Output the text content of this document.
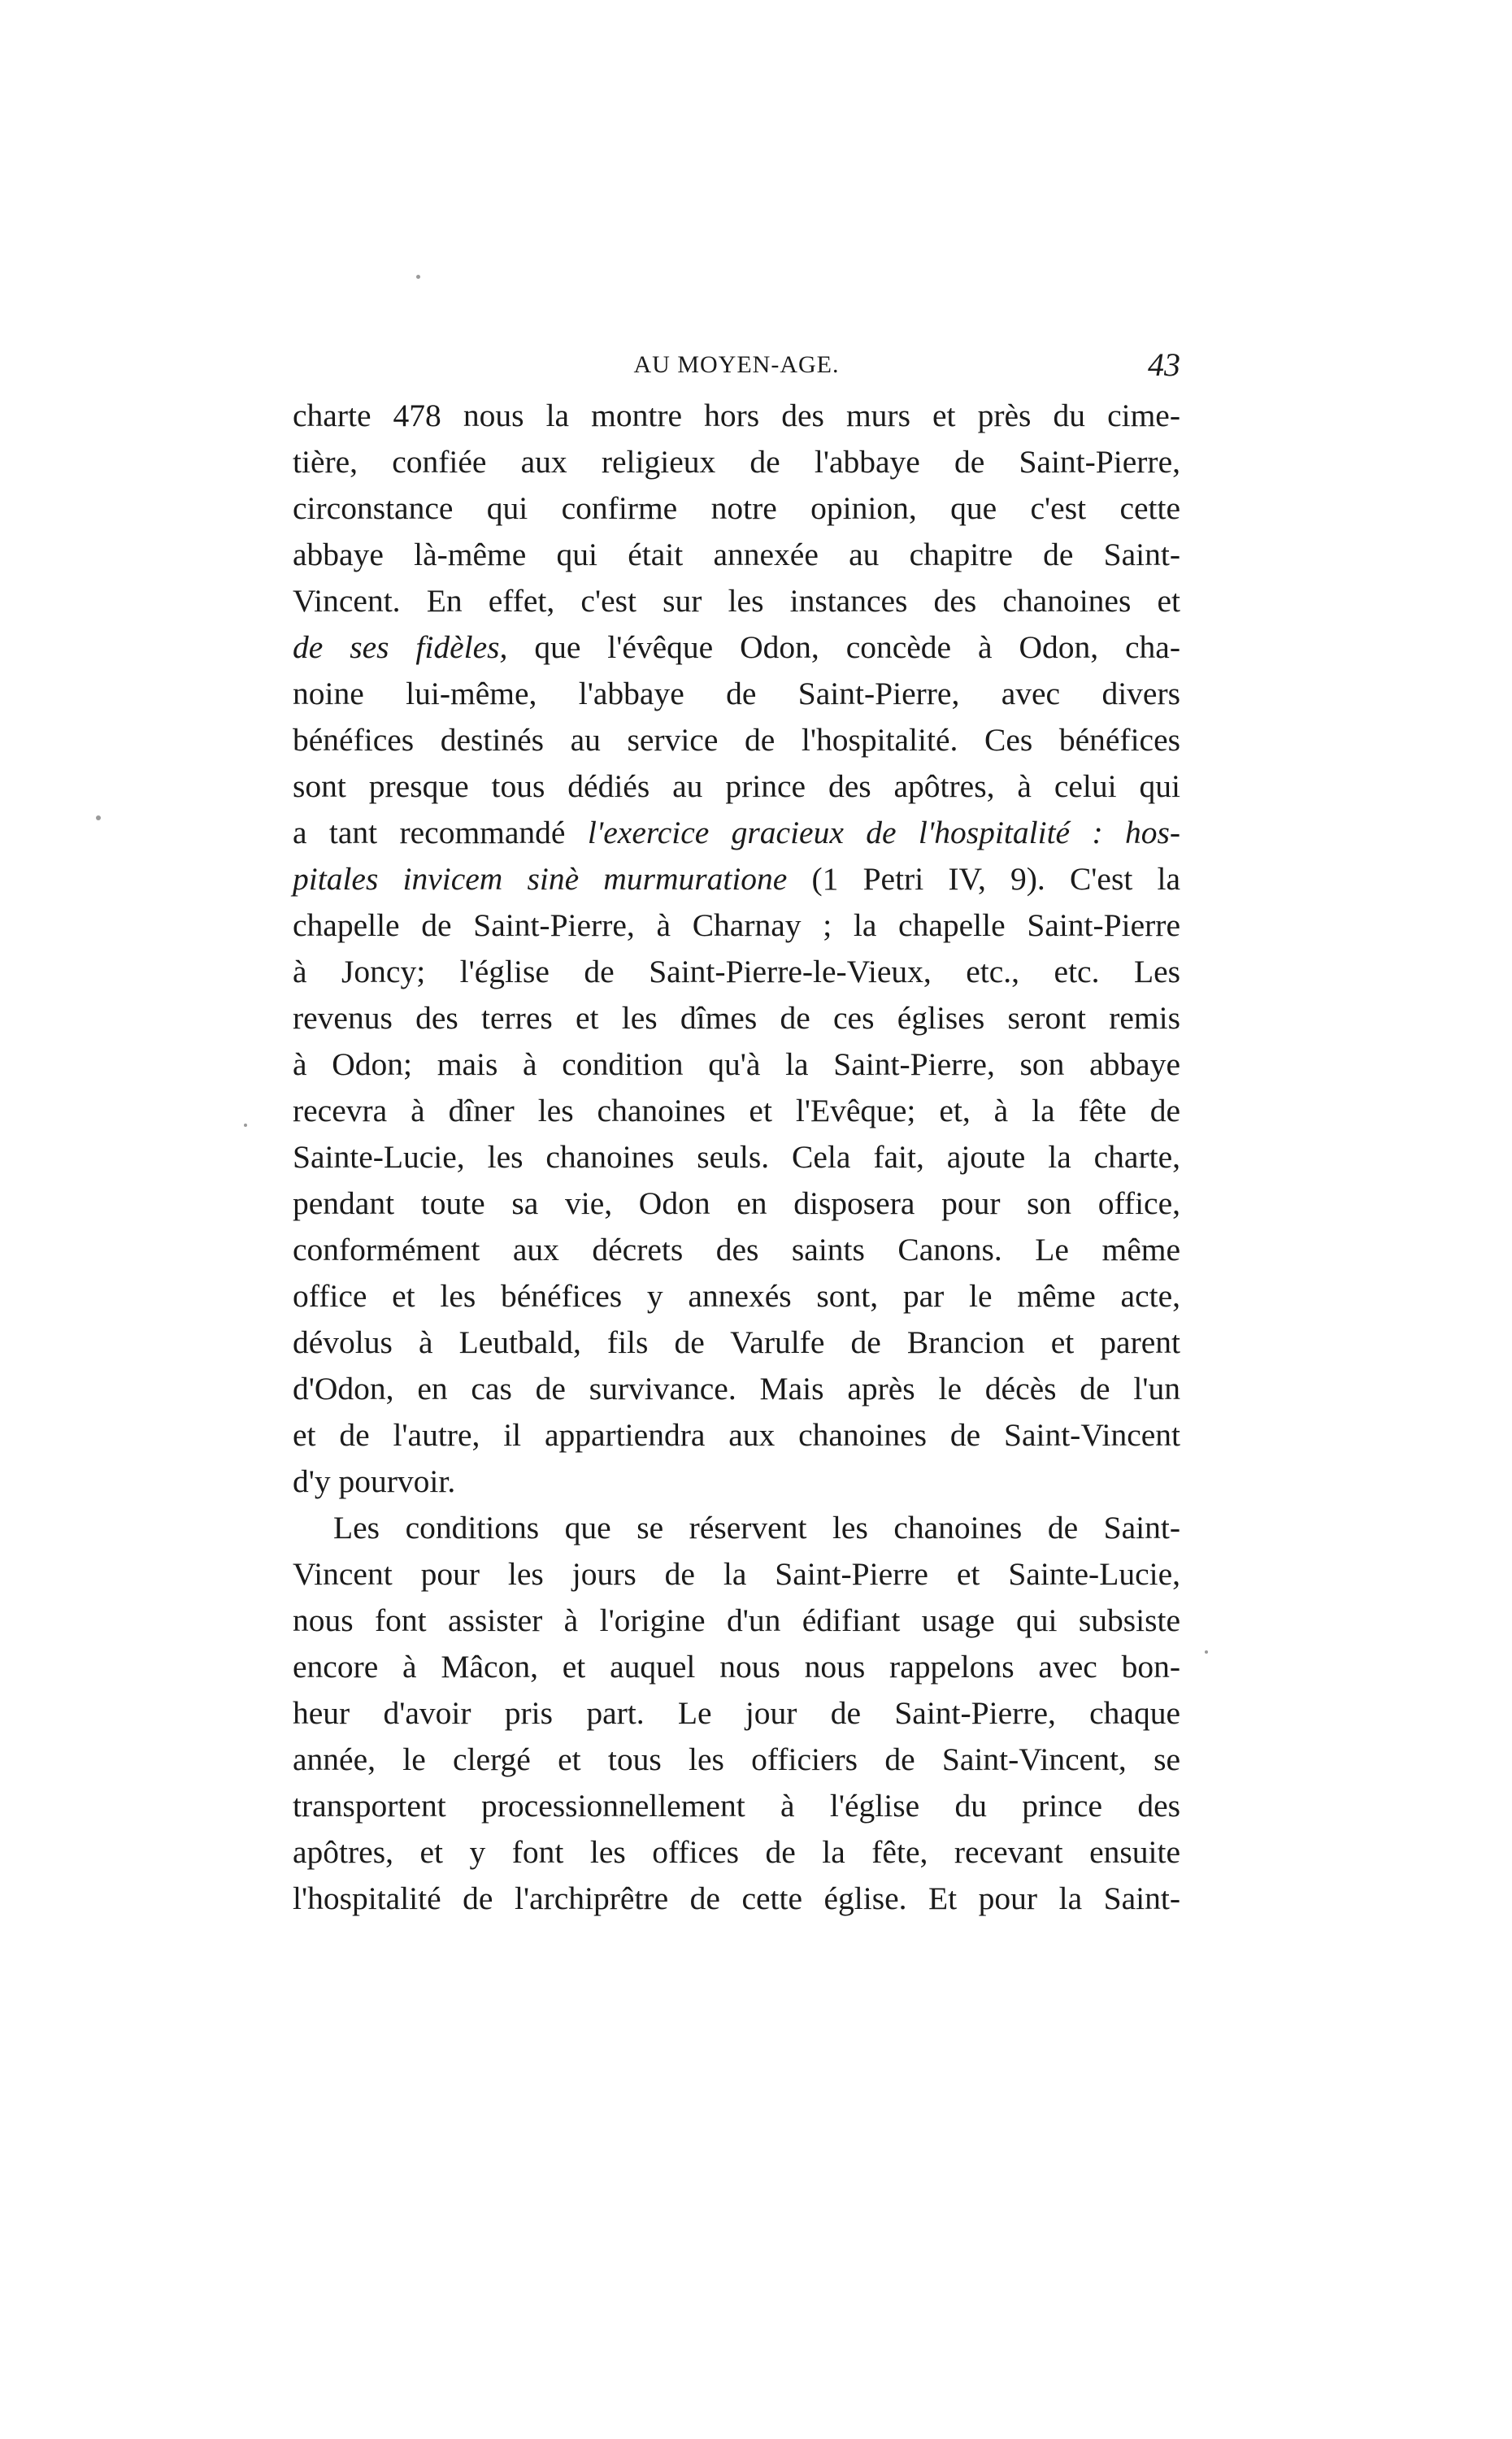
AU MOYEN-AGE.	43
charte 478 nous la montre hors des murs et près du cime-
tière, confiée aux religieux de l'abbaye de Saint-Pierre,
circonstance qui confirme notre opinion, que c'est cette
abbaye là-même qui était annexée au chapitre de Saint-
Vincent. En effet, c'est sur les instances des chanoines et
de ses fidèles, que l'évêque Odon, concède à Odon, cha-
noine lui-même, l'abbaye de Saint-Pierre, avec divers
bénéfices destinés au service de l'hospitalité. Ces bénéfices
sont presque tous dédiés au prince des apôtres, à celui qui
a tant recommandé l'exercice gracieux de l'hospitalité : hos-
pitales invicem sinè murmuratione (1 Petri IV, 9). C'est la
chapelle de Saint-Pierre, à Charnay ; la chapelle Saint-Pierre
à Joncy; l'église de Saint-Pierre-le-Vieux, etc., etc. Les
revenus des terres et les dîmes de ces églises seront remis
à Odon; mais à condition qu'à la Saint-Pierre, son abbaye
recevra à dîner les chanoines et l'Evêque; et, à la fête de
Sainte-Lucie, les chanoines seuls. Cela fait, ajoute la charte,
pendant toute sa vie, Odon en disposera pour son office,
conformément aux décrets des saints Canons. Le même
office et les bénéfices y annexés sont, par le même acte,
dévolus à Leutbald, fils de Varulfe de Brancion et parent
d'Odon, en cas de survivance. Mais après le décès de l'un
et de l'autre, il appartiendra aux chanoines de Saint-Vincent
d'y pourvoir.
Les conditions que se réservent les chanoines de Saint-
Vincent pour les jours de la Saint-Pierre et Sainte-Lucie,
nous font assister à l'origine d'un édifiant usage qui subsiste
encore à Mâcon, et auquel nous nous rappelons avec bon-
heur d'avoir pris part. Le jour de Saint-Pierre, chaque
année, le clergé et tous les officiers de Saint-Vincent, se
transportent processionnellement à l'église du prince des
apôtres, et y font les offices de la fête, recevant ensuite
l'hospitalité de l'archiprêtre de cette église. Et pour la Saint-
